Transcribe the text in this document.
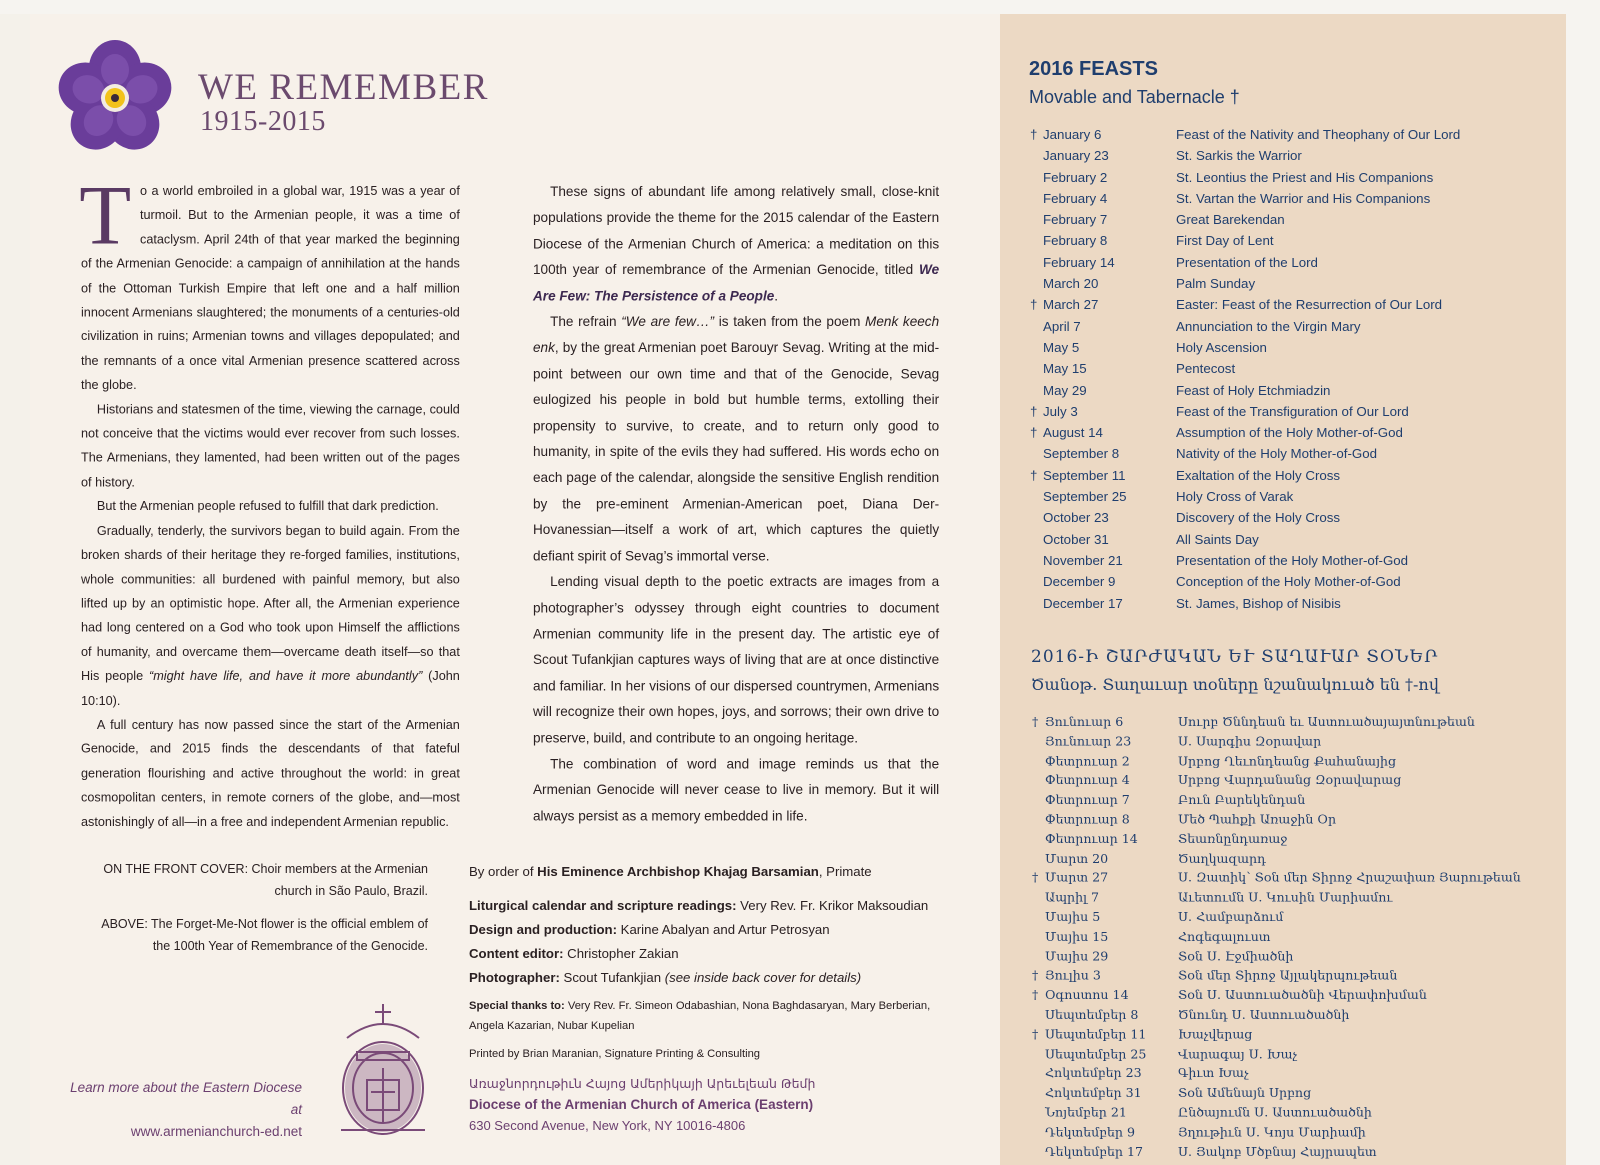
WE REMEMBER
1915-2015

To a world embroiled in a global war, 1915 was a year of turmoil. But to the Armenian people, it was a time of cataclysm. April 24th of that year marked the beginning of the Armenian Genocide: a campaign of annihilation at the hands of the Ottoman Turkish Empire that left one and a half million innocent Armenians slaughtered; the monuments of a centuries-old civilization in ruins; Armenian towns and villages depopulated; and the remnants of a once vital Armenian presence scattered across the globe.

Historians and statesmen of the time, viewing the carnage, could not conceive that the victims would ever recover from such losses. The Armenians, they lamented, had been written out of the pages of history.

But the Armenian people refused to fulfill that dark prediction.

Gradually, tenderly, the survivors began to build again. From the broken shards of their heritage they re-forged families, institutions, whole communities: all burdened with painful memory, but also lifted up by an optimistic hope. After all, the Armenian experience had long centered on a God who took upon Himself the afflictions of humanity, and overcame them—overcame death itself—so that His people “might have life, and have it more abundantly” (John 10:10).

A full century has now passed since the start of the Armenian Genocide, and 2015 finds the descendants of that fateful generation flourishing and active throughout the world: in great cosmopolitan centers, in remote corners of the globe, and—most astonishingly of all—in a free and independent Armenian republic.

These signs of abundant life among relatively small, close-knit populations provide the theme for the 2015 calendar of the Eastern Diocese of the Armenian Church of America: a meditation on this 100th year of remembrance of the Armenian Genocide, titled We Are Few: The Persistence of a People.

The refrain “We are few…” is taken from the poem Menk keech enk, by the great Armenian poet Barouyr Sevag. Writing at the mid-point between our own time and that of the Genocide, Sevag eulogized his people in bold but humble terms, extolling their propensity to survive, to create, and to return only good to humanity, in spite of the evils they had suffered. His words echo on each page of the calendar, alongside the sensitive English rendition by the pre-eminent Armenian-American poet, Diana Der-Hovanessian—itself a work of art, which captures the quietly defiant spirit of Sevag’s immortal verse.

Lending visual depth to the poetic extracts are images from a photographer’s odyssey through eight countries to document Armenian community life in the present day. The artistic eye of Scout Tufankjian captures ways of living that are at once distinctive and familiar. In her visions of our dispersed countrymen, Armenians will recognize their own hopes, joys, and sorrows; their own drive to preserve, build, and contribute to an ongoing heritage.

The combination of word and image reminds us that the Armenian Genocide will never cease to live in memory. But it will always persist as a memory embedded in life.

ON THE FRONT COVER: Choir members at the Armenian church in São Paulo, Brazil.
ABOVE: The Forget-Me-Not flower is the official emblem of the 100th Year of Remembrance of the Genocide.
By order of His Eminence Archbishop Khajag Barsamian, Primate
Liturgical calendar and scripture readings: Very Rev. Fr. Krikor Maksoudian
Design and production: Karine Abalyan and Artur Petrosyan
Content editor: Christopher Zakian
Photographer: Scout Tufankjian (see inside back cover for details)
Special thanks to: Very Rev. Fr. Simeon Odabashian, Nona Baghdasaryan, Mary Berberian, Angela Kazarian, Nubar Kupelian
Printed by Brian Maranian, Signature Printing & Consulting
Learn more about the Eastern Diocese at
www.armenianchurch-ed.net
Առաջնորդութիւն Հայոց Ամերիկայի Արեւելեան Թեմի
Diocese of the Armenian Church of America (Eastern)
630 Second Avenue, New York, NY 10016-4806
2016 FEASTS
Movable and Tabernacle †
† January 6	Feast of the Nativity and Theophany of Our Lord
January 23	St. Sarkis the Warrior
February 2	St. Leontius the Priest and His Companions
February 4	St. Vartan the Warrior and His Companions
February 7	Great Barekendan
February 8	First Day of Lent
February 14	Presentation of the Lord
March 20	Palm Sunday
† March 27	Easter: Feast of the Resurrection of Our Lord
April 7	Annunciation to the Virgin Mary
May 5	Holy Ascension
May 15	Pentecost
May 29	Feast of Holy Etchmiadzin
† July 3	Feast of the Transfiguration of Our Lord
† August 14	Assumption of the Holy Mother-of-God
September 8	Nativity of the Holy Mother-of-God
† September 11	Exaltation of the Holy Cross
September 25	Holy Cross of Varak
October 23	Discovery of the Holy Cross
October 31	All Saints Day
November 21	Presentation of the Holy Mother-of-God
December 9	Conception of the Holy Mother-of-God
December 17	St. James, Bishop of Nisibis
2016-Ի ՇԱՐԺԱԿԱՆ ԵՒ ՏԱՂԱՒԱՐ ՏՕՆԵՐ
Ծանօթ. Տաղաւար տօները նշանակուած են †-ով
† Յունուար 6	Սուրբ Ծննդեան եւ Աստուածայայտնութեան
Յունուար 23	Ս. Սարգիս Զօրավար
Փետրուար 2	Սրբոց Ղեւոնդեանց Քահանայից
Փետրուար 4	Սրբոց Վարդանանց Զօրավարաց
Փետրուար 7	Բուն Բարեկենդան
Փետրուար 8	Մեծ Պահքի Առաջին Օր
Փետրուար 14	Տեառնընդառաջ
Մարտ 20	Ծաղկազարդ
† Մարտ 27	Ս. Զատիկ՝ Տօն մեր Տիրոջ Հրաշափառ Յարութեան
Ապրիլ 7	Աւետումն Ս. Կուսին Մարիամու
Մայիս 5	Ս. Համբարձում
Մայիս 15	Հոգեգալուստ
Մայիս 29	Տօն Ս. Էջմիածնի
† Յուլիս 3	Տօն մեր Տիրոջ Այլակերպութեան
† Օգոստոս 14	Տօն Ս. Աստուածածնի Վերափոխման
Սեպտեմբեր 8	Ծնունդ Ս. Աստուածածնի
† Սեպտեմբեր 11	Խաչվերաց
Սեպտեմբեր 25	Վարագայ Ս. Խաչ
Հոկտեմբեր 23	Գիւտ Խաչ
Հոկտեմբեր 31	Տօն Ամենայն Սրբոց
Նոյեմբեր 21	Ընծայումն Ս. Աստուածածնի
Դեկտեմբեր 9	Յղութիւն Ս. Կոյս Մարիամի
Դեկտեմբեր 17	Ս. Յակոբ Մծբնայ Հայրապետ
